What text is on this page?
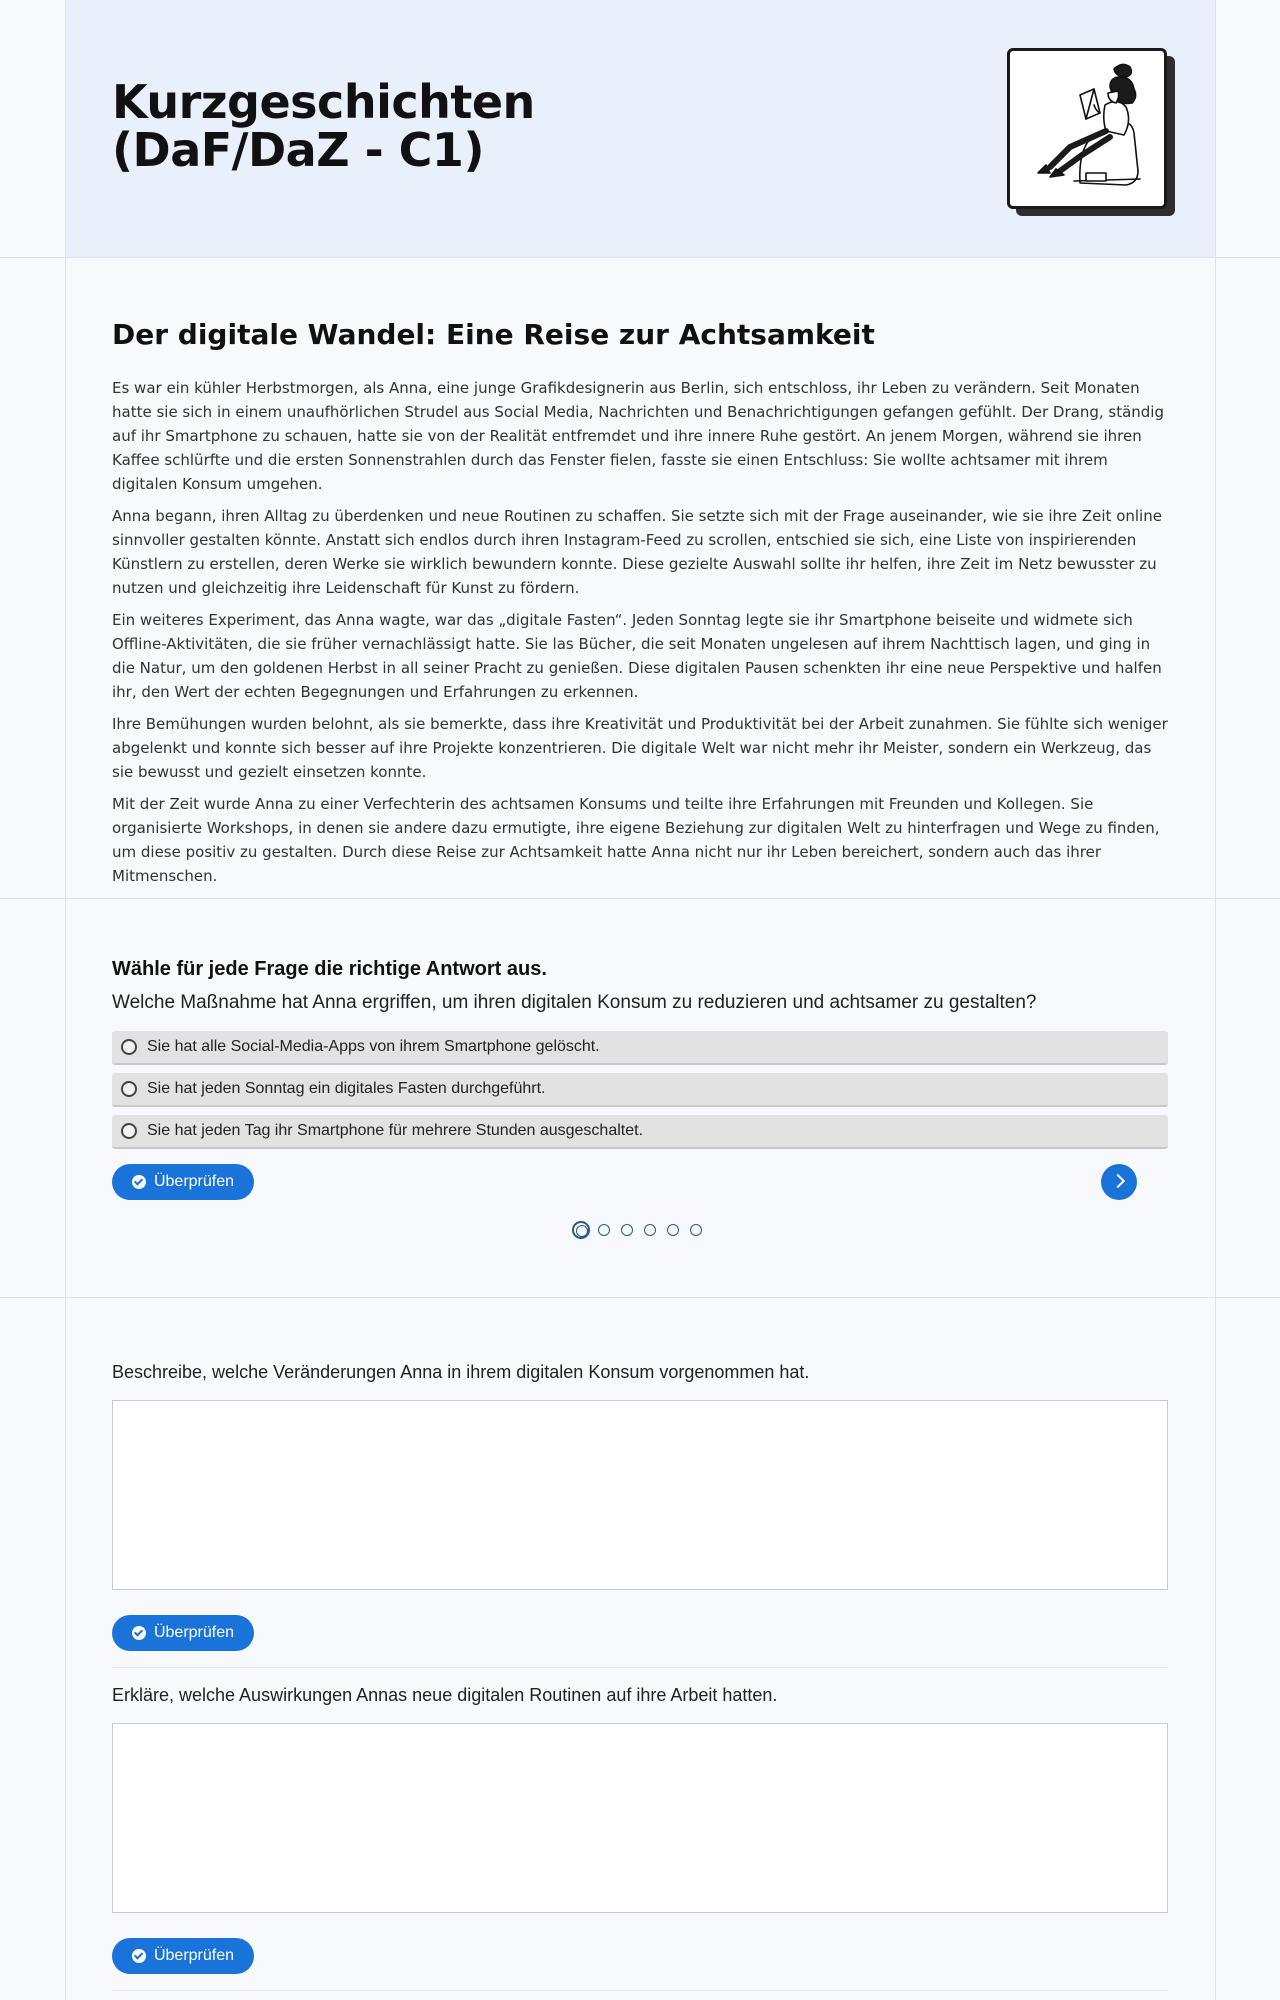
Kurzgeschichten
(DaF/DaZ - C1)
Der digitale Wandel: Eine Reise zur Achtsamkeit

Es war ein kühler Herbstmorgen, als Anna, eine junge Grafikdesignerin aus Berlin, sich entschloss, ihr Leben zu verändern. Seit Monaten hatte sie sich in einem unaufhörlichen Strudel aus Social Media, Nachrichten und Benachrichtigungen gefangen gefühlt. Der Drang, ständig auf ihr Smartphone zu schauen, hatte sie von der Realität entfremdet und ihre innere Ruhe gestört. An jenem Morgen, während sie ihren Kaffee schlürfte und die ersten Sonnenstrahlen durch das Fenster fielen, fasste sie einen Entschluss: Sie wollte achtsamer mit ihrem digitalen Konsum umgehen.

Anna begann, ihren Alltag zu überdenken und neue Routinen zu schaffen. Sie setzte sich mit der Frage auseinander, wie sie ihre Zeit online sinnvoller gestalten könnte. Anstatt sich endlos durch ihren Instagram-Feed zu scrollen, entschied sie sich, eine Liste von inspirierenden Künstlern zu erstellen, deren Werke sie wirklich bewundern konnte. Diese gezielte Auswahl sollte ihr helfen, ihre Zeit im Netz bewusster zu nutzen und gleichzeitig ihre Leidenschaft für Kunst zu fördern.

Ein weiteres Experiment, das Anna wagte, war das „digitale Fasten“. Jeden Sonntag legte sie ihr Smartphone beiseite und widmete sich Offline-Aktivitäten, die sie früher vernachlässigt hatte. Sie las Bücher, die seit Monaten ungelesen auf ihrem Nachttisch lagen, und ging in die Natur, um den goldenen Herbst in all seiner Pracht zu genießen. Diese digitalen Pausen schenkten ihr eine neue Perspektive und halfen ihr, den Wert der echten Begegnungen und Erfahrungen zu erkennen.

Ihre Bemühungen wurden belohnt, als sie bemerkte, dass ihre Kreativität und Produktivität bei der Arbeit zunahmen. Sie fühlte sich weniger abgelenkt und konnte sich besser auf ihre Projekte konzentrieren. Die digitale Welt war nicht mehr ihr Meister, sondern ein Werkzeug, das sie bewusst und gezielt einsetzen konnte.

Mit der Zeit wurde Anna zu einer Verfechterin des achtsamen Konsums und teilte ihre Erfahrungen mit Freunden und Kollegen. Sie organisierte Workshops, in denen sie andere dazu ermutigte, ihre eigene Beziehung zur digitalen Welt zu hinterfragen und Wege zu finden, um diese positiv zu gestalten. Durch diese Reise zur Achtsamkeit hatte Anna nicht nur ihr Leben bereichert, sondern auch das ihrer Mitmenschen.

Wähle für jede Frage die richtige Antwort aus.
Welche Maßnahme hat Anna ergriffen, um ihren digitalen Konsum zu reduzieren und achtsamer zu gestalten?
Sie hat alle Social-Media-Apps von ihrem Smartphone gelöscht.
Sie hat jeden Sonntag ein digitales Fasten durchgeführt.
Sie hat jeden Tag ihr Smartphone für mehrere Stunden ausgeschaltet.
Überprüfen
Beschreibe, welche Veränderungen Anna in ihrem digitalen Konsum vorgenommen hat.
Überprüfen
Erkläre, welche Auswirkungen Annas neue digitalen Routinen auf ihre Arbeit hatten.
Überprüfen
